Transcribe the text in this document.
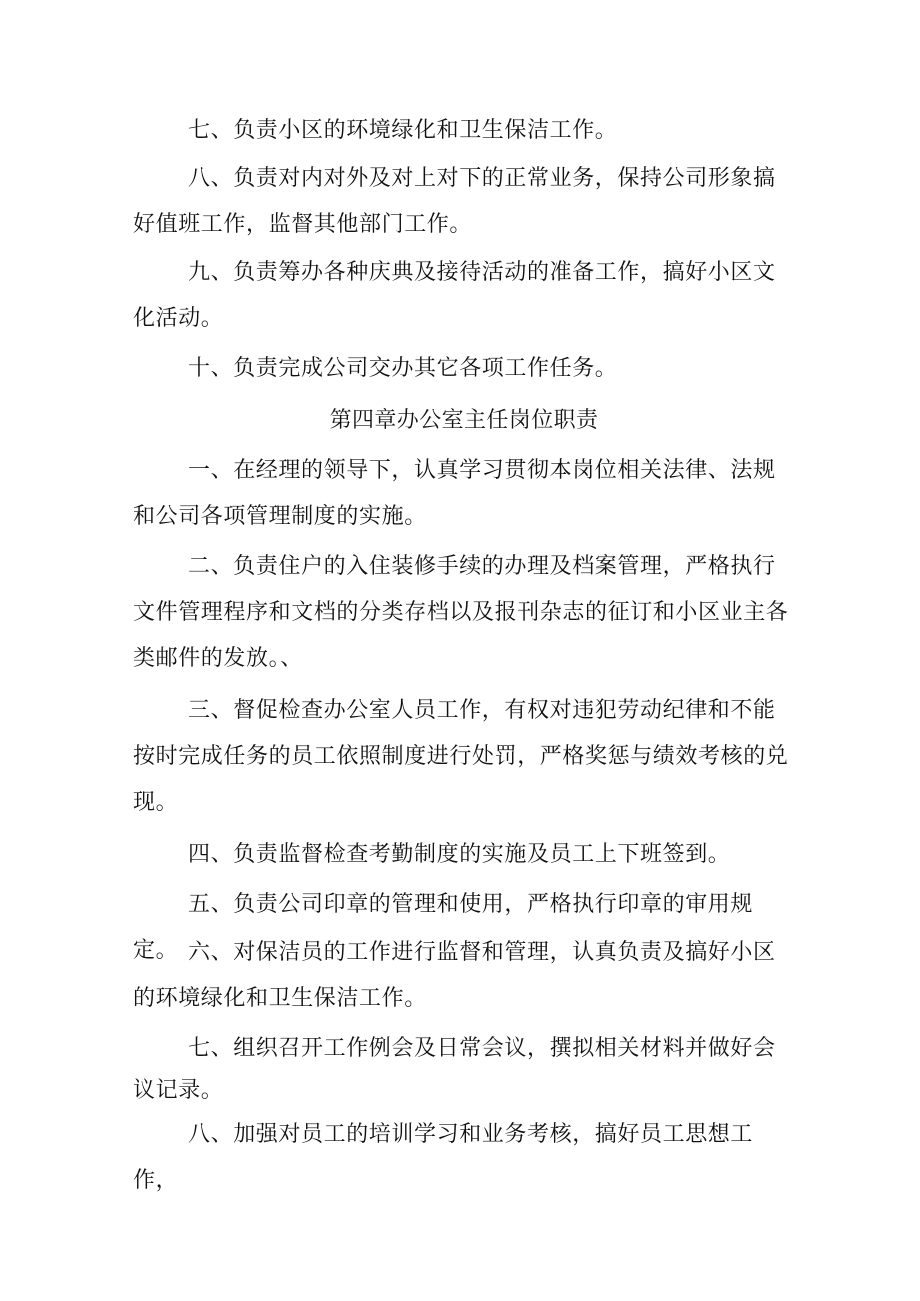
七、负责小区的环境绿化和卫生保洁工作。

八、负责对内对外及对上对下的正常业务，保持公司形象搞好值班工作，监督其他部门工作。

九、负责筹办各种庆典及接待活动的准备工作，搞好小区文化活动。

十、负责完成公司交办其它各项工作任务。

第四章办公室主任岗位职责

一、在经理的领导下，认真学习贯彻本岗位相关法律、法规和公司各项管理制度的实施。

二、负责住户的入住装修手续的办理及档案管理，严格执行文件管理程序和文档的分类存档以及报刊杂志的征订和小区业主各类邮件的发放。、

三、督促检查办公室人员工作，有权对违犯劳动纪律和不能按时完成任务的员工依照制度进行处罚，严格奖惩与绩效考核的兑现。

四、负责监督检查考勤制度的实施及员工上下班签到。

五、负责公司印章的管理和使用，严格执行印章的审用规定。 六、对保洁员的工作进行监督和管理，认真负责及搞好小区的环境绿化和卫生保洁工作。

七、组织召开工作例会及日常会议，撰拟相关材料并做好会议记录。

八、加强对员工的培训学习和业务考核，搞好员工思想工作，
